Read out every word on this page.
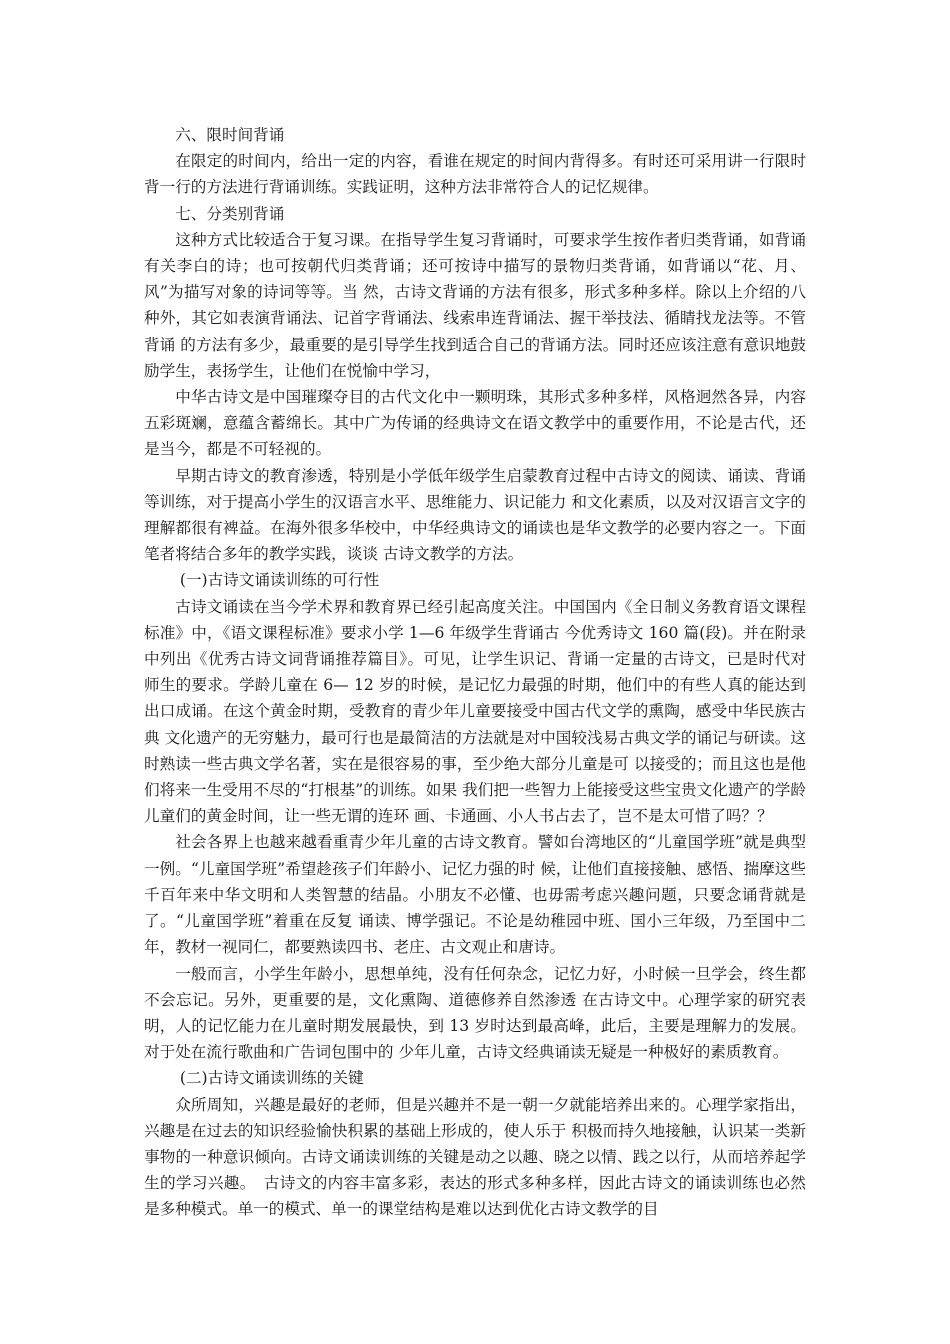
六、限时间背诵

在限定的时间内，给出一定的内容，看谁在规定的时间内背得多。有时还可采用讲一行限时背一行的方法进行背诵训练。实践证明，这种方法非常符合人的记忆规律。

七、分类别背诵

这种方式比较适合于复习课。在指导学生复习背诵时，可要求学生按作者归类背诵，如背诵有关李白的诗；也可按朝代归类背诵；还可按诗中描写的景物归类背诵，如背诵以“花、月、风”为描写对象的诗词等等。当 然，古诗文背诵的方法有很多，形式多种多样。除以上介绍的八种外，其它如表演背诵法、记首字背诵法、线索串连背诵法、握干举技法、循睛找龙法等。不管背诵 的方法有多少，最重要的是引导学生找到适合自己的背诵方法。同时还应该注意有意识地鼓励学生，表扬学生，让他们在悦愉中学习，

中华古诗文是中国璀璨夺目的古代文化中一颗明珠，其形式多种多样，风格迥然各异，内容五彩斑斓，意蕴含蓄绵长。其中广为传诵的经典诗文在语文教学中的重要作用，不论是古代，还是当今，都是不可轻视的。

早期古诗文的教育渗透，特别是小学低年级学生启蒙教育过程中古诗文的阅读、诵读、背诵等训练，对于提高小学生的汉语言水平、思维能力、识记能力 和文化素质，以及对汉语言文字的理解都很有裨益。在海外很多华校中，中华经典诗文的诵读也是华文教学的必要内容之一。下面笔者将结合多年的教学实践，谈谈 古诗文教学的方法。

(一)古诗文诵读训练的可行性

古诗文诵读在当今学术界和教育界已经引起高度关注。中国国内《全日制义务教育语文课程标准》中，《语文课程标准》要求小学 1—6 年级学生背诵古 今优秀诗文 160 篇(段)。并在附录中列出《优秀古诗文词背诵推荐篇目》。可见，让学生识记、背诵一定量的古诗文，已是时代对师生的要求。学龄儿童在 6— 12 岁的时候，是记忆力最强的时期，他们中的有些人真的能达到出口成诵。在这个黄金时期，受教育的青少年儿童要接受中国古代文学的熏陶，感受中华民族古典 文化遗产的无穷魅力，最可行也是最简洁的方法就是对中国较浅易古典文学的诵记与研读。这时熟读一些古典文学名著，实在是很容易的事，至少绝大部分儿童是可 以接受的；而且这也是他们将来一生受用不尽的“打根基”的训练。如果 我们把一些智力上能接受这些宝贵文化遗产的学龄儿童们的黄金时间，让一些无谓的连环 画、卡通画、小人书占去了，岂不是太可惜了吗？？

社会各界上也越来越看重青少年儿童的古诗文教育。譬如台湾地区的“儿童国学班”就是典型一例。“儿童国学班”希望趁孩子们年龄小、记忆力强的时 候，让他们直接接触、感悟、揣摩这些千百年来中华文明和人类智慧的结晶。小朋友不必懂、也毋需考虑兴趣问题，只要念诵背就是了。“儿童国学班”着重在反复 诵读、博学强记。不论是幼稚园中班、国小三年级，乃至国中二年，教材一视同仁，都要熟读四书、老庄、古文观止和唐诗。

一般而言，小学生年龄小，思想单纯，没有任何杂念，记忆力好，小时候一旦学会，终生都不会忘记。另外，更重要的是，文化熏陶、道德修养自然渗透 在古诗文中。心理学家的研究表明，人的记忆能力在儿童时期发展最快，到 13 岁时达到最高峰，此后，主要是理解力的发展。对于处在流行歌曲和广告词包围中的 少年儿童，古诗文经典诵读无疑是一种极好的素质教育。

(二)古诗文诵读训练的关键

众所周知，兴趣是最好的老师，但是兴趣并不是一朝一夕就能培养出来的。心理学家指出，兴趣是在过去的知识经验愉快积累的基础上形成的，使人乐于 积极而持久地接触，认识某一类新事物的一种意识倾向。古诗文诵读训练的关键是动之以趣、晓之以情、践之以行，从而培养起学生的学习兴趣。　古诗文的内容丰富多彩，表达的形式多种多样，因此古诗文的诵读训练也必然是多种模式。单一的模式、单一的课堂结构是难以达到优化古诗文教学的目
